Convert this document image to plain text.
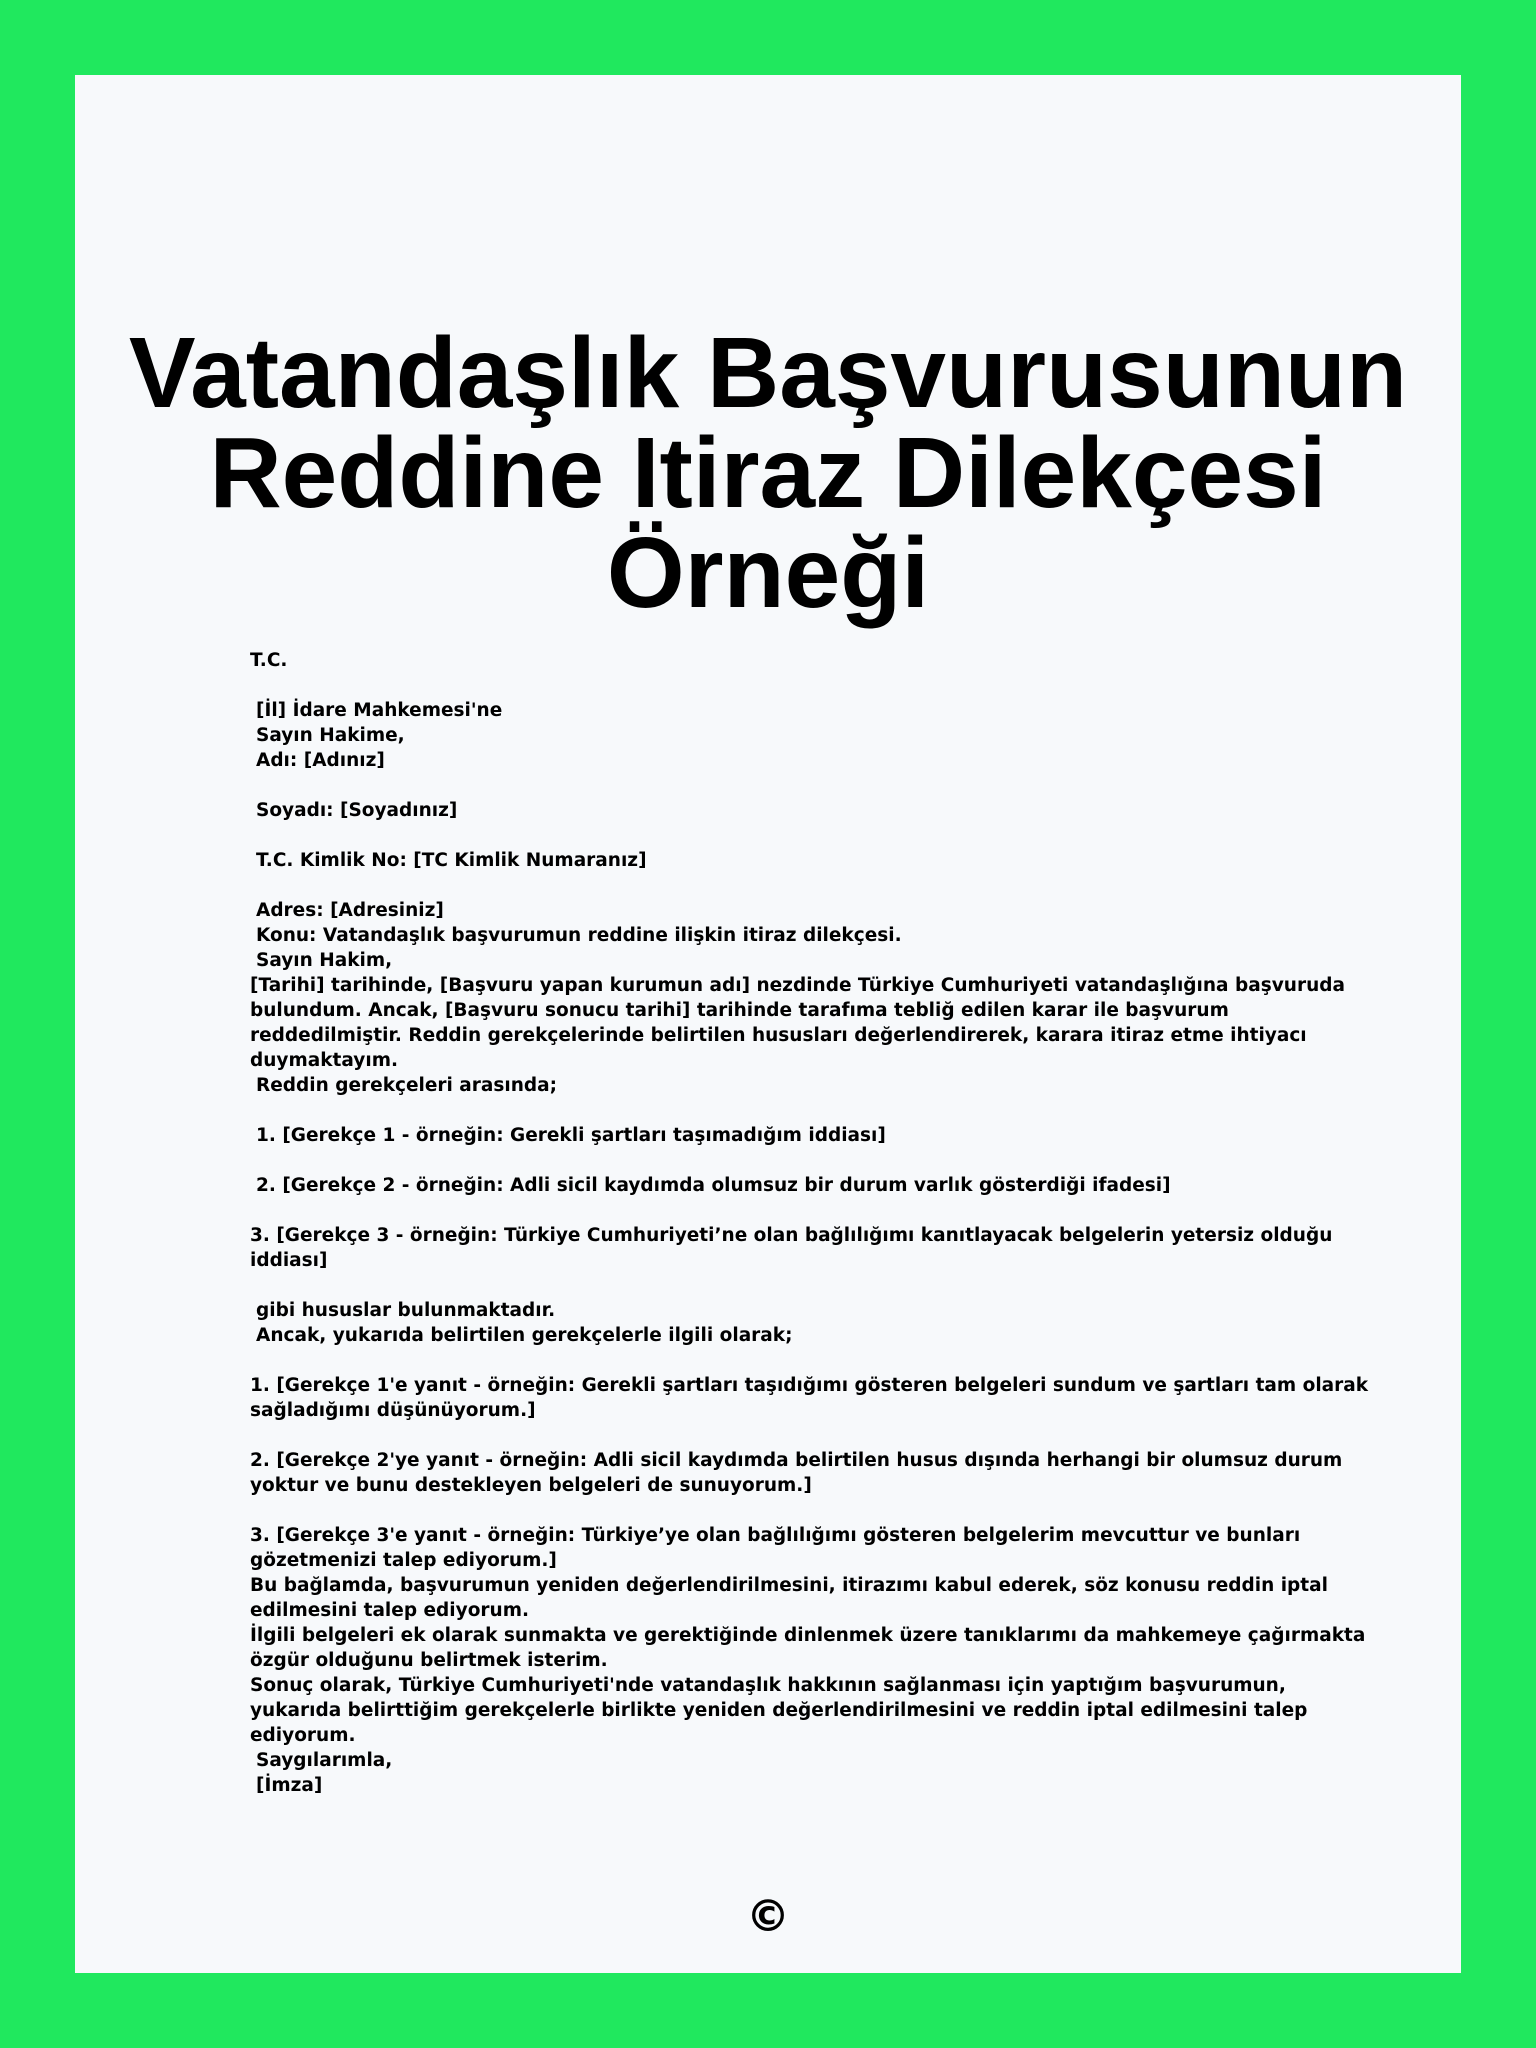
Vatandaşlık Başvurusunun
Reddine Itiraz Dilekçesi
Örneği
T.C.
[İl] İdare Mahkemesi'ne
Sayın Hakime,
Adı: [Adınız]
Soyadı: [Soyadınız]
T.C. Kimlik No: [TC Kimlik Numaranız]
Adres: [Adresiniz]
Konu: Vatandaşlık başvurumun reddine ilişkin itiraz dilekçesi.
Sayın Hakim,
[Tarihi] tarihinde, [Başvuru yapan kurumun adı] nezdinde Türkiye Cumhuriyeti vatandaşlığına başvuruda
bulundum. Ancak, [Başvuru sonucu tarihi] tarihinde tarafıma tebliğ edilen karar ile başvurum
reddedilmiştir. Reddin gerekçelerinde belirtilen hususları değerlendirerek, karara itiraz etme ihtiyacı
duymaktayım.
Reddin gerekçeleri arasında;
1. [Gerekçe 1 - örneğin: Gerekli şartları taşımadığım iddiası]
2. [Gerekçe 2 - örneğin: Adli sicil kaydımda olumsuz bir durum varlık gösterdiği ifadesi]
3. [Gerekçe 3 - örneğin: Türkiye Cumhuriyeti’ne olan bağlılığımı kanıtlayacak belgelerin yetersiz olduğu
iddiası]
gibi hususlar bulunmaktadır.
Ancak, yukarıda belirtilen gerekçelerle ilgili olarak;
1. [Gerekçe 1'e yanıt - örneğin: Gerekli şartları taşıdığımı gösteren belgeleri sundum ve şartları tam olarak
sağladığımı düşünüyorum.]
2. [Gerekçe 2'ye yanıt - örneğin: Adli sicil kaydımda belirtilen husus dışında herhangi bir olumsuz durum
yoktur ve bunu destekleyen belgeleri de sunuyorum.]
3. [Gerekçe 3'e yanıt - örneğin: Türkiye’ye olan bağlılığımı gösteren belgelerim mevcuttur ve bunları
gözetmenizi talep ediyorum.]
Bu bağlamda, başvurumun yeniden değerlendirilmesini, itirazımı kabul ederek, söz konusu reddin iptal
edilmesini talep ediyorum.
İlgili belgeleri ek olarak sunmakta ve gerektiğinde dinlenmek üzere tanıklarımı da mahkemeye çağırmakta
özgür olduğunu belirtmek isterim.
Sonuç olarak, Türkiye Cumhuriyeti'nde vatandaşlık hakkının sağlanması için yaptığım başvurumun,
yukarıda belirttiğim gerekçelerle birlikte yeniden değerlendirilmesini ve reddin iptal edilmesini talep
ediyorum.
Saygılarımla,
[İmza]
©
